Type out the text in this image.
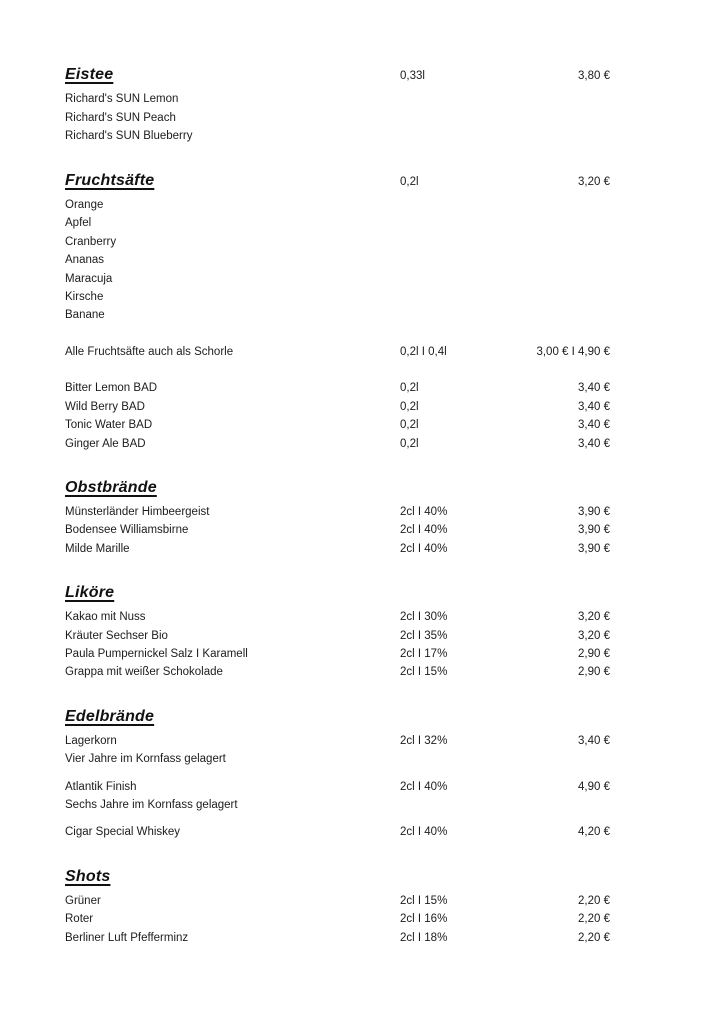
Eistee	0,33l	3,80 €
Richard's SUN Lemon
Richard's SUN Peach
Richard's SUN Blueberry
Fruchtsäfte	0,2l	3,20 €
Orange
Apfel
Cranberry
Ananas
Maracuja
Kirsche
Banane
Alle Fruchtsäfte auch als Schorle	0,2l I 0,4l	3,00 € I 4,90 €
Bitter Lemon BAD	0,2l	3,40 €
Wild Berry BAD	0,2l	3,40 €
Tonic Water BAD	0,2l	3,40 €
Ginger Ale BAD	0,2l	3,40 €
Obstbrände
Münsterländer Himbeergeist	2cl I 40%	3,90 €
Bodensee Williamsbirne	2cl I 40%	3,90 €
Milde Marille	2cl I 40%	3,90 €
Liköre
Kakao mit Nuss	2cl I 30%	3,20 €
Kräuter Sechser Bio	2cl I 35%	3,20 €
Paula Pumpernickel Salz I Karamell	2cl I 17%	2,90 €
Grappa mit weißer Schokolade	2cl I 15%	2,90 €
Edelbrände
Lagerkorn	2cl I 32%	3,40 €
Vier Jahre im Kornfass gelagert
Atlantik Finish	2cl I 40%	4,90 €
Sechs Jahre im Kornfass gelagert
Cigar Special Whiskey	2cl I 40%	4,20 €
Shots
Grüner	2cl I 15%	2,20 €
Roter	2cl I 16%	2,20 €
Berliner Luft Pfefferminz	2cl I 18%	2,20 €
